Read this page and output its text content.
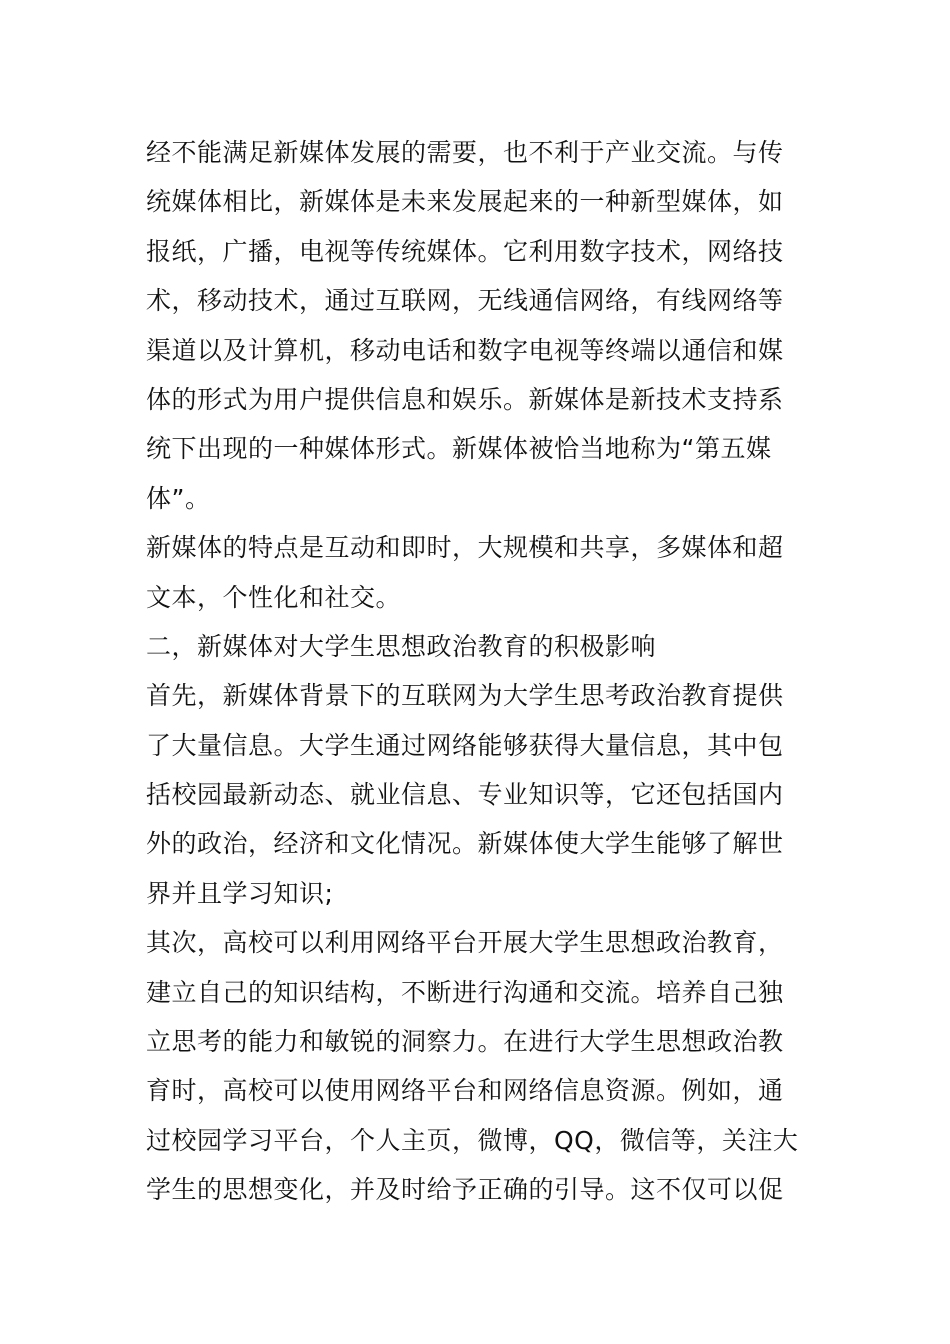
经不能满足新媒体发展的需要，也不利于产业交流。与传
统媒体相比，新媒体是未来发展起来的一种新型媒体，如
报纸，广播，电视等传统媒体。它利用数字技术，网络技
术，移动技术，通过互联网，无线通信网络，有线网络等
渠道以及计算机，移动电话和数字电视等终端以通信和媒
体的形式为用户提供信息和娱乐。新媒体是新技术支持系
统下出现的一种媒体形式。新媒体被恰当地称为“第五媒
体”。
新媒体的特点是互动和即时，大规模和共享，多媒体和超
文本，个性化和社交。
二，新媒体对大学生思想政治教育的积极影响
首先，新媒体背景下的互联网为大学生思考政治教育提供
了大量信息。大学生通过网络能够获得大量信息，其中包
括校园最新动态、就业信息、专业知识等，它还包括国内
外的政治，经济和文化情况。新媒体使大学生能够了解世
界并且学习知识;
其次，高校可以利用网络平台开展大学生思想政治教育，
建立自己的知识结构，不断进行沟通和交流。培养自己独
立思考的能力和敏锐的洞察力。在进行大学生思想政治教
育时，高校可以使用网络平台和网络信息资源。例如，通
过校园学习平台，个人主页，微博，QQ，微信等，关注大
学生的思想变化，并及时给予正确的引导。这不仅可以促
